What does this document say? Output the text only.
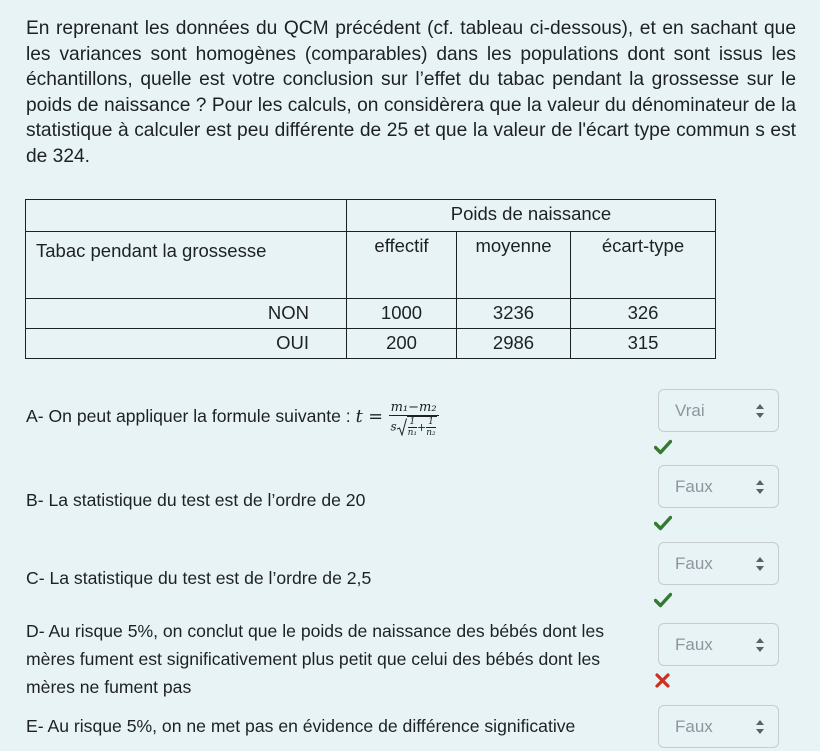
En reprenant les données du QCM précédent (cf. tableau ci-dessous), et en sachant que les variances sont homogènes (comparables) dans les populations dont sont issus les échantillons, quelle est votre conclusion sur l’effet du tabac pendant la grossesse sur le poids de naissance ? Pour les calculs, on considèrera que la valeur du dénominateur de la statistique à calculer est peu différente de 25 et que la valeur de l'écart type commun s est de 324.

	Poids de naissance		
Tabac pendant la grossesse	effectif	moyenne	écart-type
NON	1000	3236	326
OUI	200	2986	315
A- On peut appliquer la formule suivante : $t = \frac{\text{m₁−m₂}}{s \frac{1}{\text{n₁}}+ \frac{1}{\text{n₂}}}$	Vrai
B- La statistique du test est de l’ordre de 20
Faux
C- La statistique du test est de l’ordre de 2,5
Faux
D- Au risque 5%, on conclut que le poids de naissance des bébés dont les mères fument est significativement plus petit que celui des bébés dont les mères ne fument pas
Faux
E- Au risque 5%, on ne met pas en évidence de différence significative	Faux
